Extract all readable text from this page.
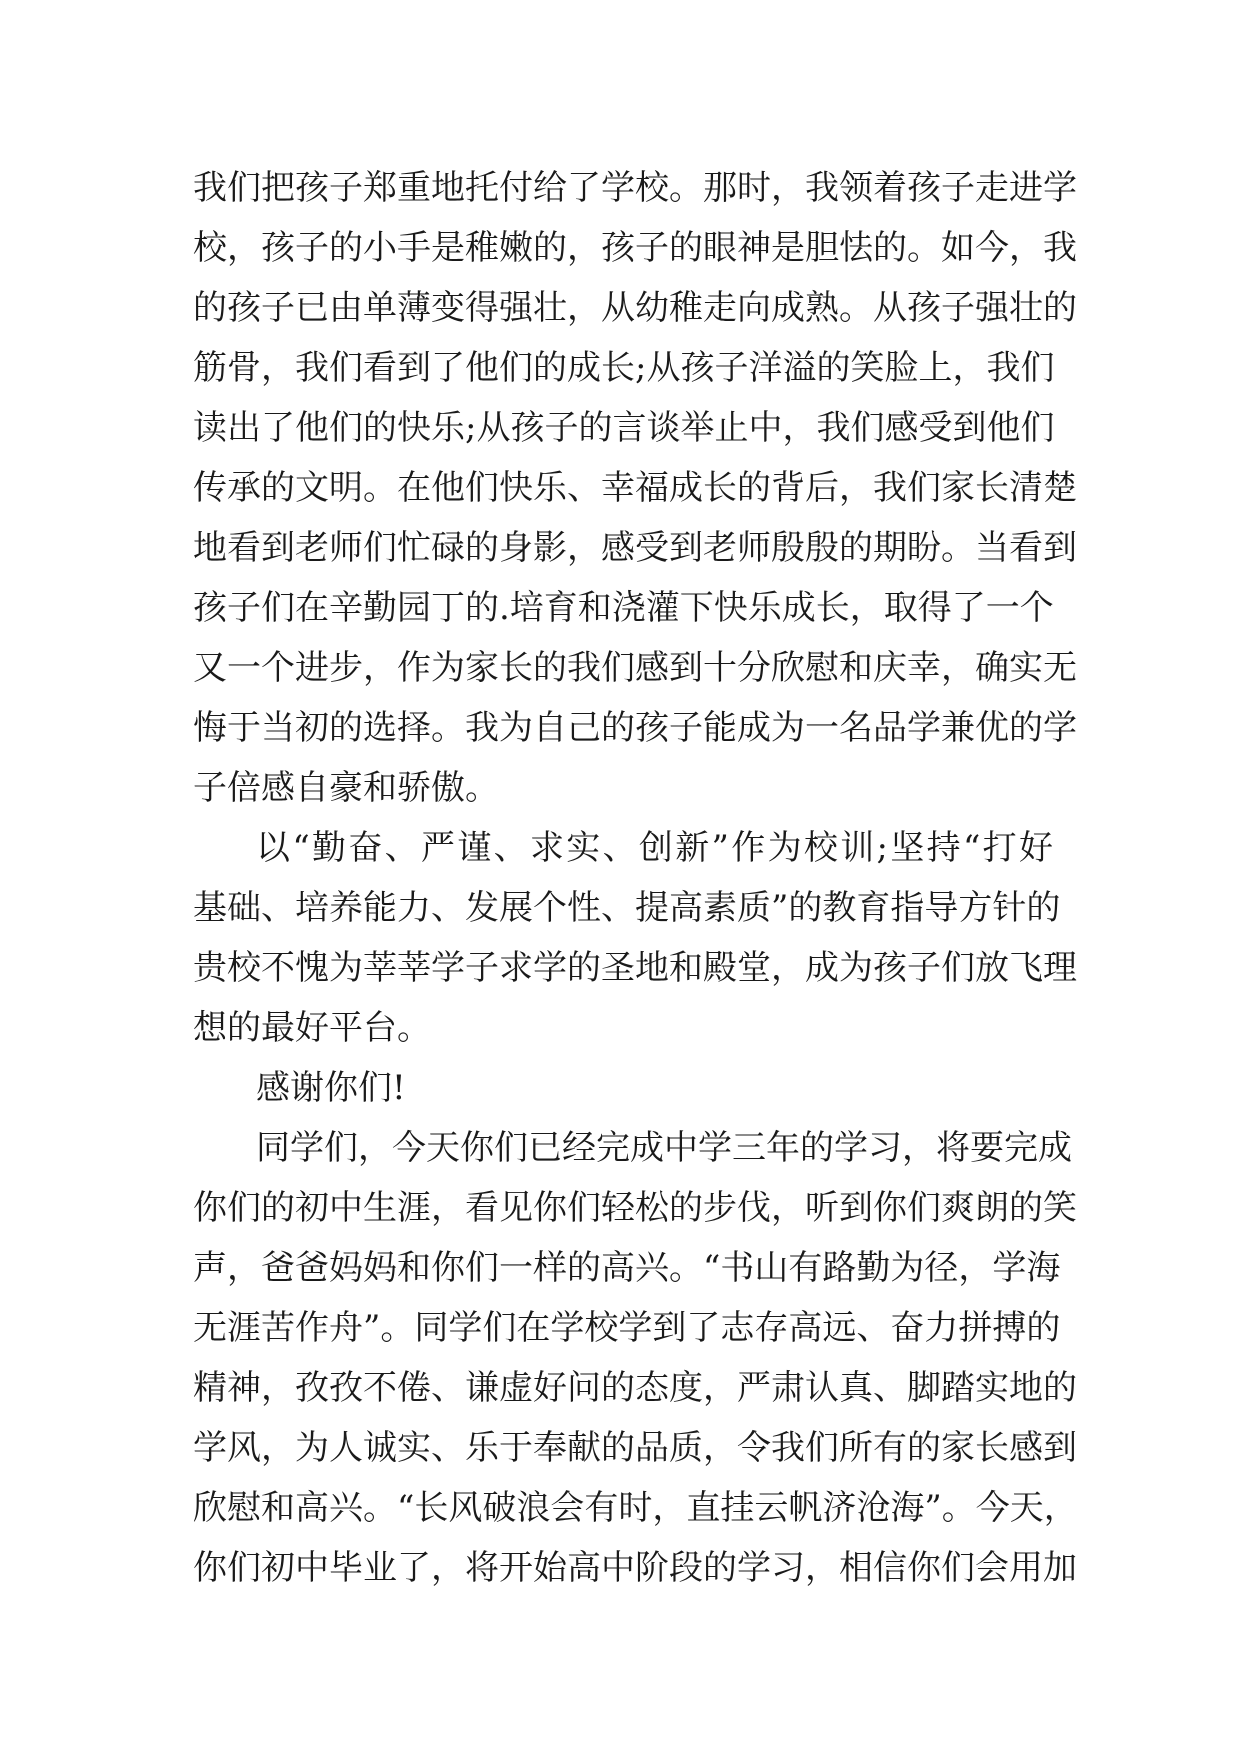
我们把孩子郑重地托付给了学校。那时，我领着孩子走进学
校，孩子的小手是稚嫩的，孩子的眼神是胆怯的。如今，我
的孩子已由单薄变得强壮，从幼稚走向成熟。从孩子强壮的
筋骨，我们看到了他们的成长;从孩子洋溢的笑脸上，我们
读出了他们的快乐;从孩子的言谈举止中，我们感受到他们
传承的文明。在他们快乐、幸福成长的背后，我们家长清楚
地看到老师们忙碌的身影，感受到老师殷殷的期盼。当看到
孩子们在辛勤园丁的.培育和浇灌下快乐成长，取得了一个
又一个进步，作为家长的我们感到十分欣慰和庆幸，确实无
悔于当初的选择。我为自己的孩子能成为一名品学兼优的学
子倍感自豪和骄傲。
以“勤奋、严谨、求实、创新”作为校训;坚持“打好
基础、培养能力、发展个性、提高素质”的教育指导方针的
贵校不愧为莘莘学子求学的圣地和殿堂，成为孩子们放飞理
想的最好平台。
感谢你们!
同学们，今天你们已经完成中学三年的学习，将要完成
你们的初中生涯，看见你们轻松的步伐，听到你们爽朗的笑
声，爸爸妈妈和你们一样的高兴。“书山有路勤为径，学海
无涯苦作舟”。同学们在学校学到了志存高远、奋力拼搏的
精神，孜孜不倦、谦虚好问的态度，严肃认真、脚踏实地的
学风，为人诚实、乐于奉献的品质，令我们所有的家长感到
欣慰和高兴。“长风破浪会有时，直挂云帆济沧海”。今天，
你们初中毕业了，将开始高中阶段的学习，相信你们会用加
